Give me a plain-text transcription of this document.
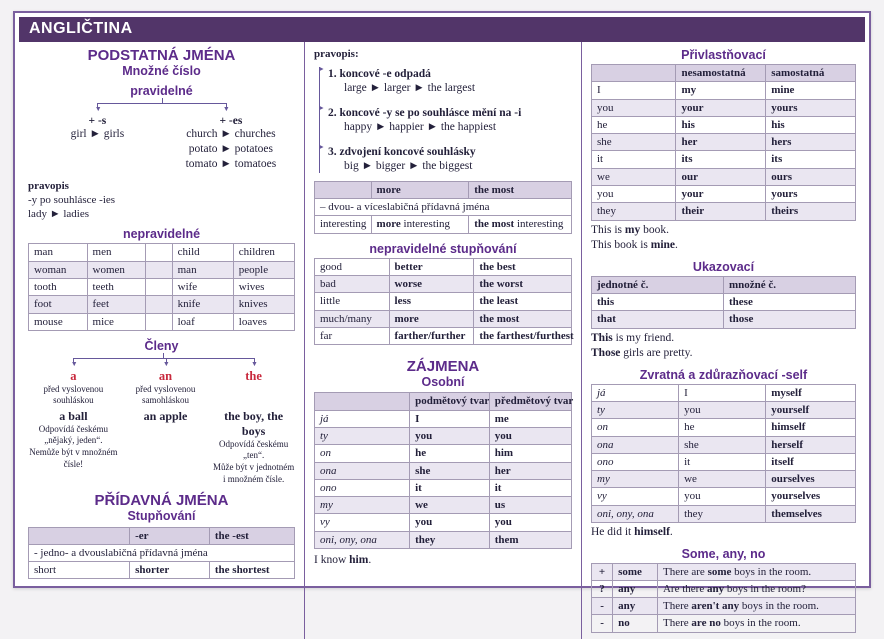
ANGLIČTINA
PODSTATNÁ JMÉNA
Množné číslo
pravidelné
▼	▼
+ -s
girl ► girls
+ -es
church ► churches
potato ► potatoes
tomato ► tomatoes
pravopis
-y po souhlásce -ies
lady ► ladies
nepravidelné
man	men		child	children
woman	women		man	people
tooth	teeth		wife	wives
foot	feet		knife	knives
mouse	mice		loaf	loaves
Členy
▼	▼	▼
a
před vyslovenou
souhláskou
a ball
Odpovídá českému „nějaký, jeden“.
Nemůže být v množném čísle!
an
před vyslovenou
samohláskou
an apple
the
the boy, the boys
Odpovídá českému „ten“.
Může být v jednotném
i množném čísle.
PŘÍDAVNÁ JMÉNA
Stupňování
	-er	the -est
- jedno- a dvouslabičná přídavná jména		
short	shorter	the shortest
pravopis:
► 1. koncové -e odpadá
large ► larger ► the largest
► 2. koncové -y se po souhlásce mění na -i
happy ► happier ► the happiest
► 3. zdvojení koncové souhlásky
big ► bigger ► the biggest
	more	the most
– dvou- a víceslabičná přídavná jména		
interesting	more interesting	the most interesting
nepravidelné stupňování
good	better	the best
bad	worse	the worst
little	less	the least
much/many	more	the most
far	farther/further	the farthest/furthest
ZÁJMENA
Osobní
	podmětový tvar	předmětový tvar
já	I	me
ty	you	you
on	he	him
ona	she	her
ono	it	it
my	we	us
vy	you	you
oni, ony, ona	they	them
I know him.
Přivlastňovací
	nesamostatná	samostatná
I	my	mine
you	your	yours
he	his	his
she	her	hers
it	its	its
we	our	ours
you	your	yours
they	their	theirs
This is my book.
This book is mine.
Ukazovací
jednotné č.	množné č.
this	these
that	those
This is my friend.
Those girls are pretty.
Zvratná a zdůrazňovací -self
já	I	myself
ty	you	yourself
on	he	himself
ona	she	herself
ono	it	itself
my	we	ourselves
vy	you	yourselves
oni, ony, ona	they	themselves
He did it himself.
Some, any, no
+	some	There are some boys in the room.
?	any	Are there any boys in the room?
-	any	There aren't any boys in the room.
-	no	There are no boys in the room.
